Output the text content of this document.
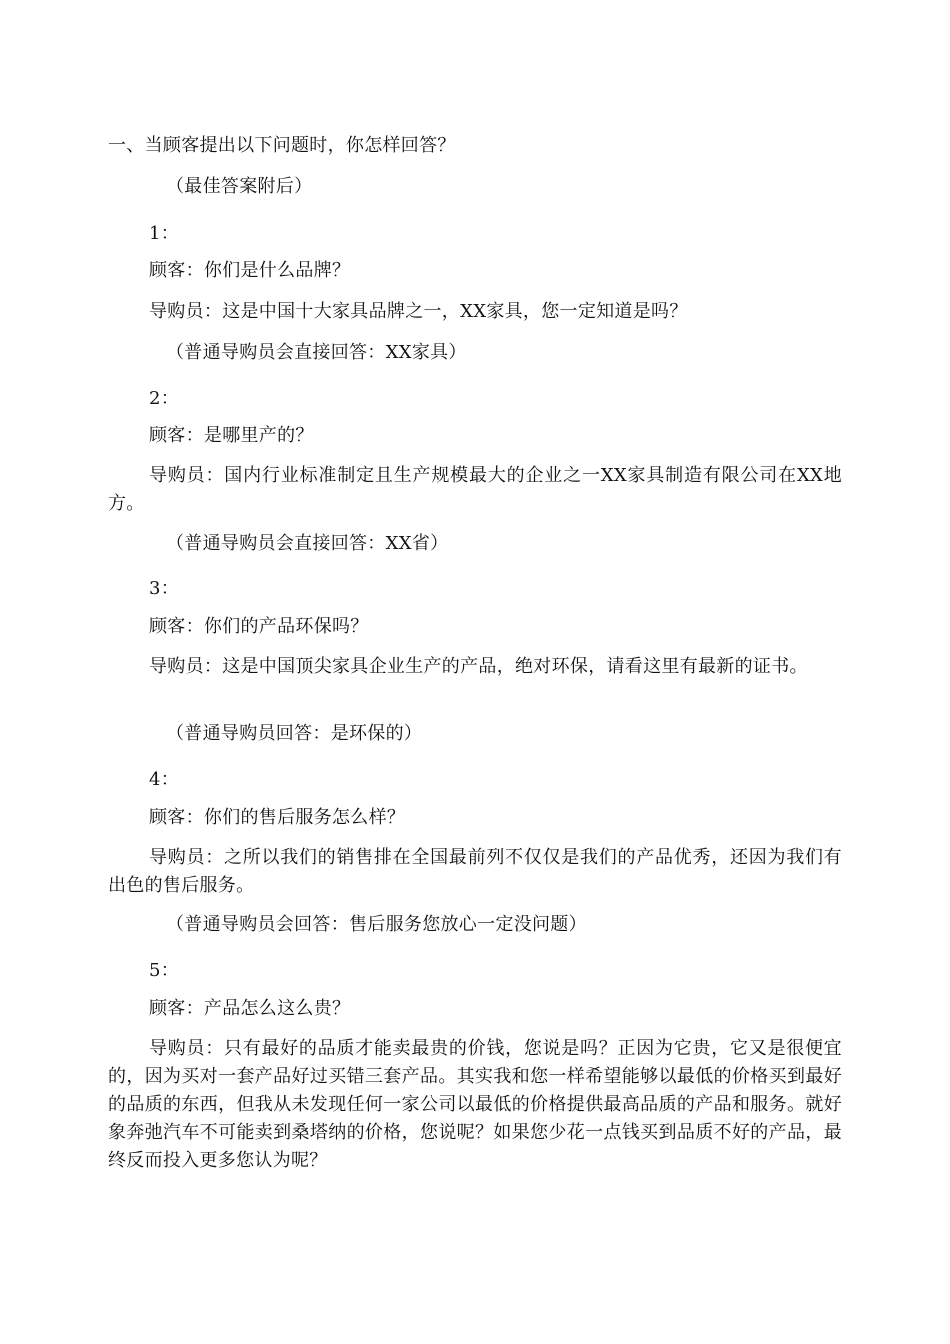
一、当顾客提出以下问题时，你怎样回答？
（最佳答案附后）
1：
顾客：你们是什么品牌？
导购员：这是中国十大家具品牌之一，XX家具，您一定知道是吗？
（普通导购员会直接回答：XX家具）
2：
顾客：是哪里产的？
导购员：国内行业标准制定且生产规模最大的企业之一XX家具制造有限公司在XX地方。
（普通导购员会直接回答：XX省）
3：
顾客：你们的产品环保吗？
导购员：这是中国顶尖家具企业生产的产品，绝对环保，请看这里有最新的证书。
（普通导购员回答：是环保的）
4：
顾客：你们的售后服务怎么样？
导购员：之所以我们的销售排在全国最前列不仅仅是我们的产品优秀，还因为我们有出色的售后服务。
（普通导购员会回答：售后服务您放心一定没问题）
5：
顾客：产品怎么这么贵？
导购员：只有最好的品质才能卖最贵的价钱，您说是吗？正因为它贵，它又是很便宜的，因为买对一套产品好过买错三套产品。其实我和您一样希望能够以最低的价格买到最好的品质的东西，但我从未发现任何一家公司以最低的价格提供最高品质的产品和服务。就好象奔弛汽车不可能卖到桑塔纳的价格，您说呢？如果您少花一点钱买到品质不好的产品，最终反而投入更多您认为呢？
